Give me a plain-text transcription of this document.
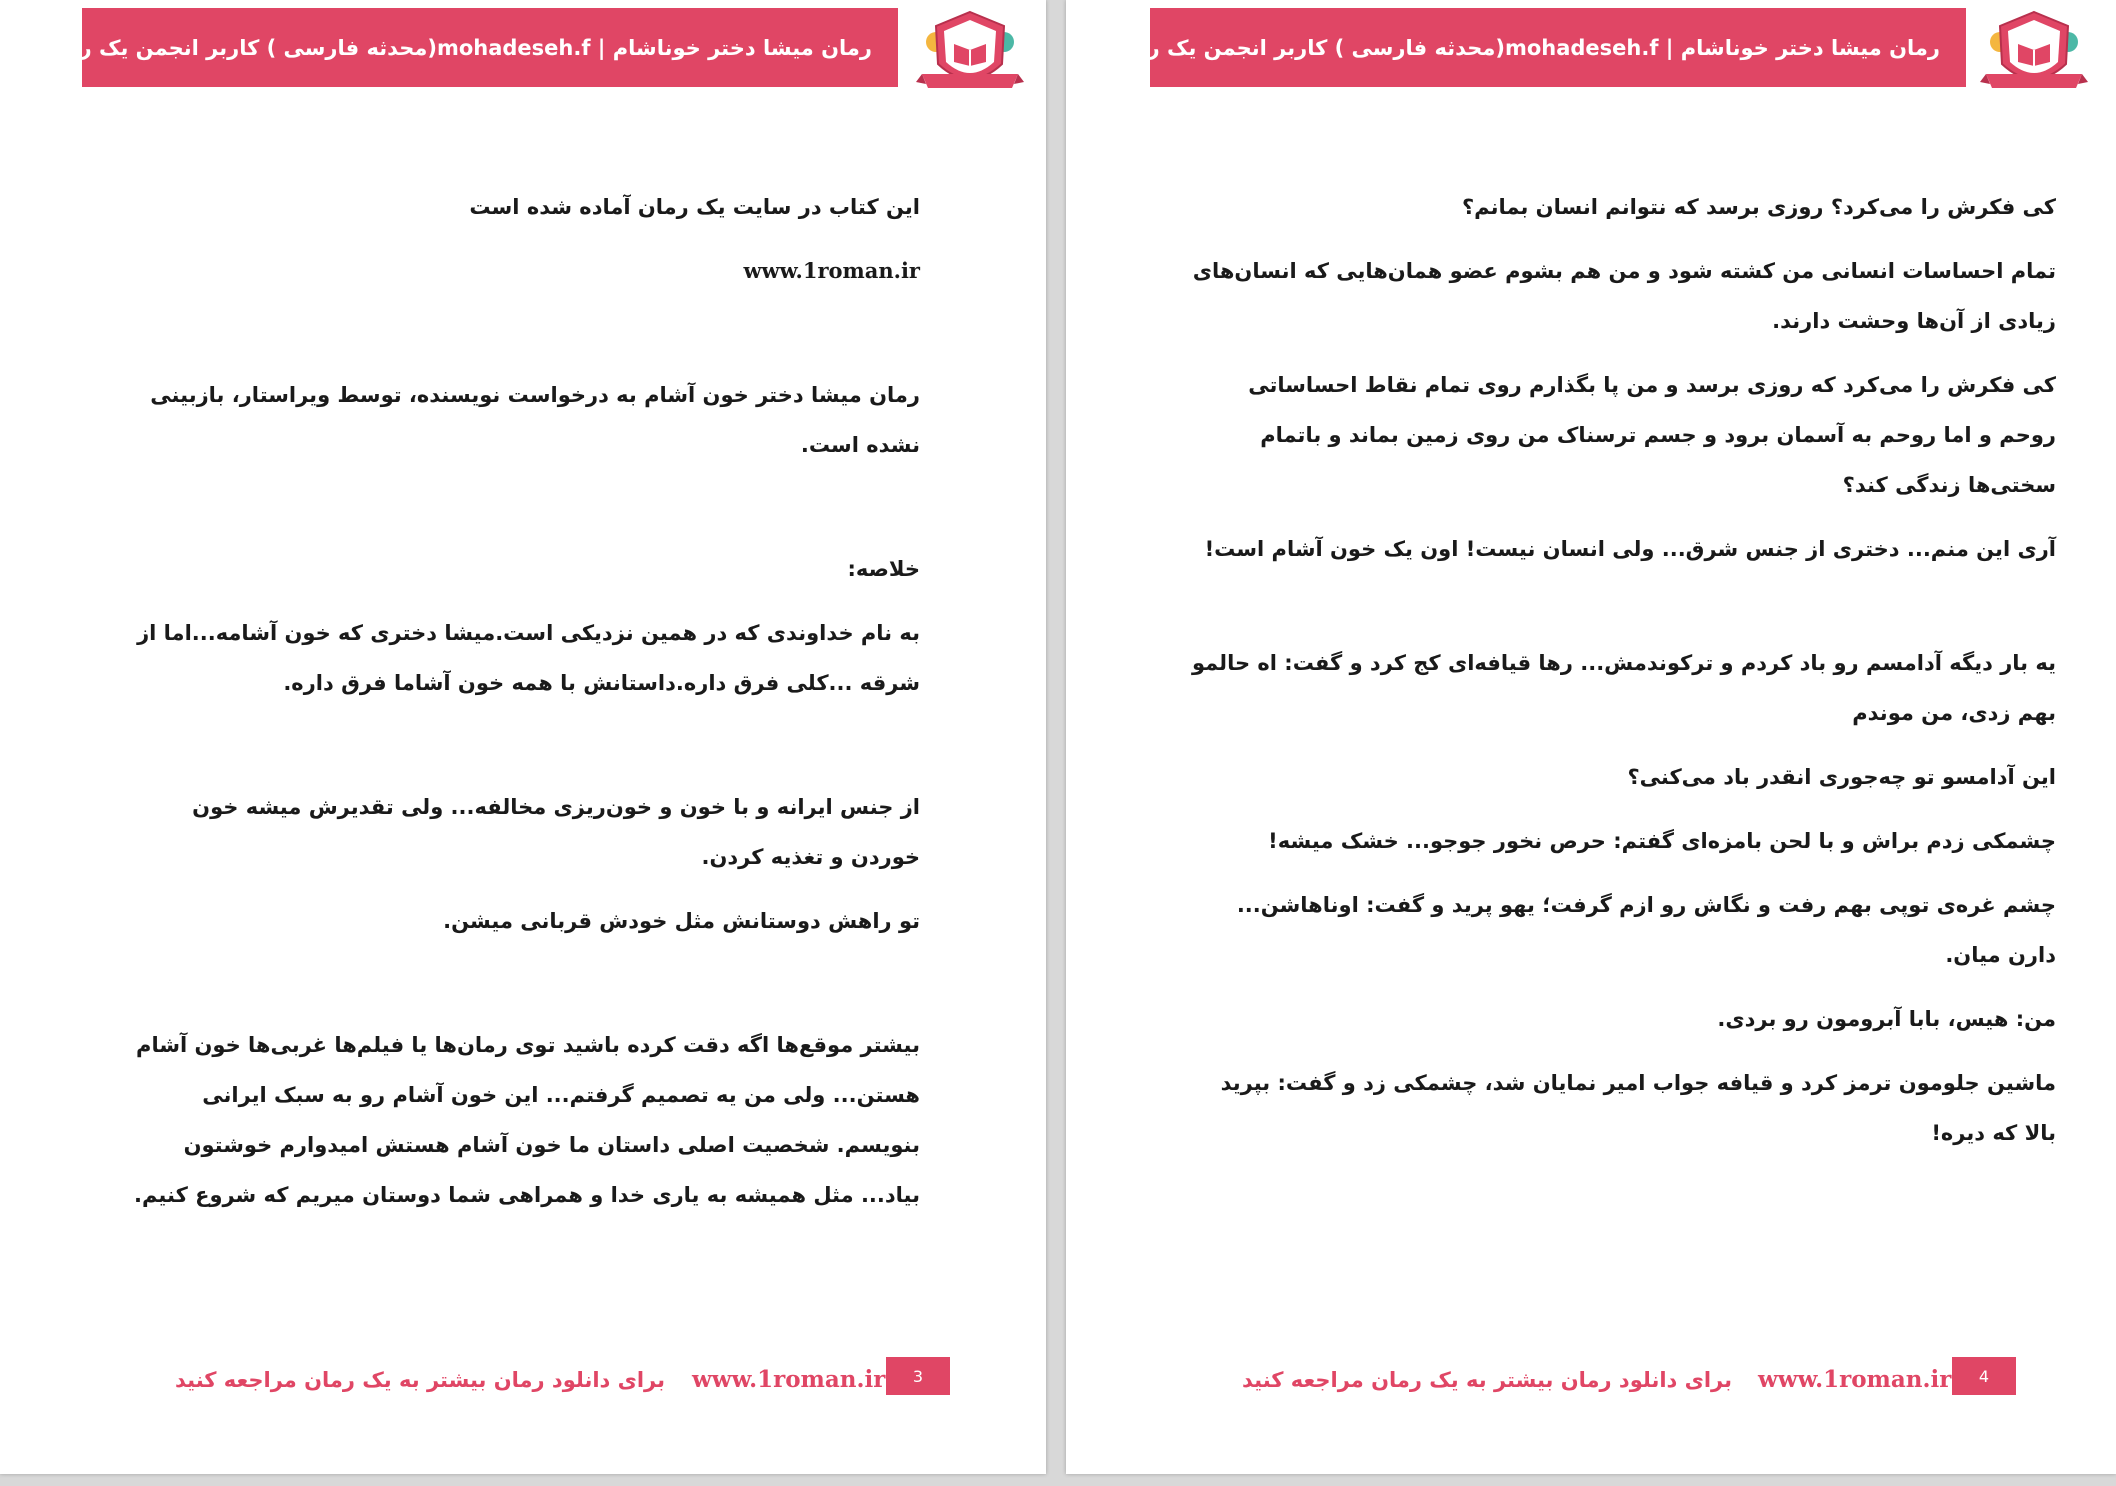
رمان میشا دختر خوناشام | mohadeseh.f(محدثه فارسی ) کاربر انجمن یک رمان

این کتاب در سایت یک رمان آماده شده است

www.1roman.ir

رمان میشا دختر خون آشام به درخواست نویسنده، توسط ویراستار، بازبینی نشده است.

خلاصه:

به نام خداوندی که در همین نزدیکی است.میشا دختری که خون آشامه...اما از شرقه ...کلی فرق داره.داستانش با همه خون آشاما فرق داره.

از جنس ایرانه و با خون و خون‌ریزی مخالفه... ولی تقدیرش میشه خون خوردن و تغذیه کردن.

تو راهش دوستانش مثل خودش قربانی میشن.

بیشتر موقع‌ها اگه دقت کرده باشید توی رمان‌ها یا فیلم‌ها غربی‌ها خون آشام هستن... ولی من یه تصمیم گرفتم... این خون آشام رو به سبک ایرانی بنویسم. شخصیت اصلی داستان ما خون آشام هستش امیدوارم خوشتون بیاد... مثل همیشه به یاری خدا و همراهی شما دوستان میریم که شروع کنیم.

برای دانلود رمان بیشتر به یک رمان مراجعه کنید www.1roman.ir	3
رمان میشا دختر خوناشام | mohadeseh.f(محدثه فارسی ) کاربر انجمن یک رمان

کی فکرش را می‌کرد؟ روزی برسد که نتوانم انسان بمانم؟

تمام احساسات انسانی من کشته شود و من هم بشوم عضو همان‌هایی که انسان‌های زیادی از آن‌ها وحشت دارند.

کی فکرش را می‌کرد که روزی برسد و من پا بگذارم روی تمام نقاط احساساتی روحم و اما روحم به آسمان برود و جسم ترسناک من روی زمین بماند و باتمام سختی‌ها زندگی کند؟

آری این منم... دختری از جنس شرق... ولی انسان نیست! اون یک خون آشام است!

یه بار دیگه آدامسم رو باد کردم و ترکوندمش... رها قیافه‌ای کج کرد و گفت: اه حالمو بهم زدی، من موندم

این آدامسو تو چه‌جوری انقدر باد می‌کنی؟

چشمکی زدم براش و با لحن بامزه‌ای گفتم: حرص نخور جوجو... خشک میشه!

چشم غره‌ی توپی بهم رفت و نگاش رو ازم گرفت؛ یهو پرید و گفت: اوناهاشن... دارن میان.

من: هیس، بابا آبرومون رو بردی.

ماشین جلومون ترمز کرد و قیافه جواب امیر نمایان شد، چشمکی زد و گفت: بپرید بالا که دیره!

برای دانلود رمان بیشتر به یک رمان مراجعه کنید www.1roman.ir	4
